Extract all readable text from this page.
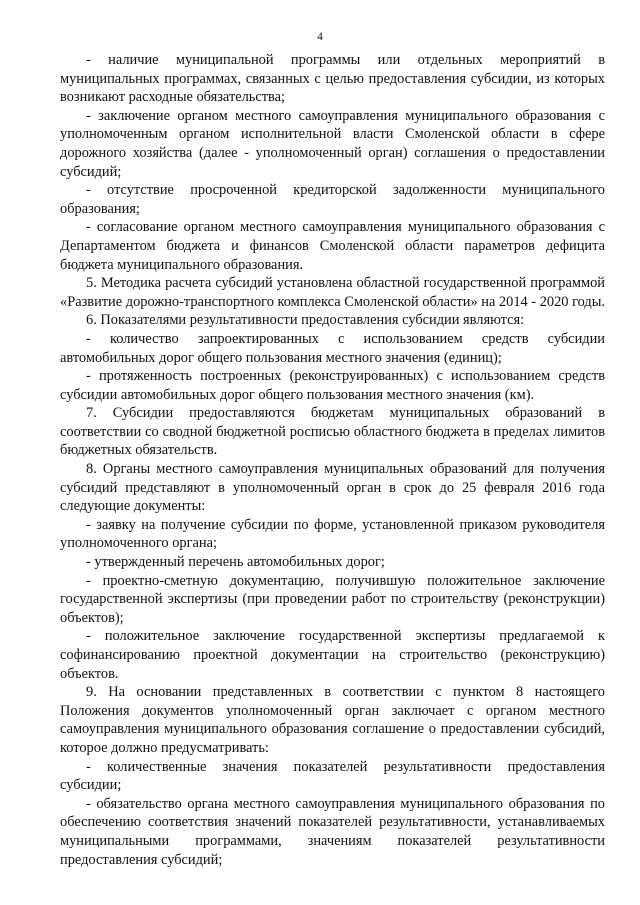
4

- наличие муниципальной программы или отдельных мероприятий в муниципальных программах, связанных с целью предоставления субсидии, из которых возникают расходные обязательства;

- заключение органом местного самоуправления муниципального образования с уполномоченным органом исполнительной власти Смоленской области в сфере дорожного хозяйства (далее - уполномоченный орган) соглашения о предоставлении субсидий;

- отсутствие просроченной кредиторской задолженности муниципального образования;

- согласование органом местного самоуправления муниципального образования с Департаментом бюджета и финансов Смоленской области параметров дефицита бюджета муниципального образования.

5. Методика расчета субсидий установлена областной государственной программой «Развитие дорожно-транспортного комплекса Смоленской области» на 2014 - 2020 годы.

6. Показателями результативности предоставления субсидии являются:

- количество запроектированных с использованием средств субсидии автомобильных дорог общего пользования местного значения (единиц);

- протяженность построенных (реконструированных) с использованием средств субсидии автомобильных дорог общего пользования местного значения (км).

7. Субсидии предоставляются бюджетам муниципальных образований в соответствии со сводной бюджетной росписью областного бюджета в пределах лимитов бюджетных обязательств.

8. Органы местного самоуправления муниципальных образований для получения субсидий представляют в уполномоченный орган в срок до 25 февраля 2016 года следующие документы:

- заявку на получение субсидии по форме, установленной приказом руководителя уполномоченного органа;

- утвержденный перечень автомобильных дорог;

- проектно-сметную документацию, получившую положительное заключение государственной экспертизы (при проведении работ по строительству (реконструкции) объектов);

- положительное заключение государственной экспертизы предлагаемой к софинансированию проектной документации на строительство (реконструкцию) объектов.

9. На основании представленных в соответствии с пунктом 8 настоящего Положения документов уполномоченный орган заключает с органом местного самоуправления муниципального образования соглашение о предоставлении субсидий, которое должно предусматривать:

- количественные значения показателей результативности предоставления субсидии;

- обязательство органа местного самоуправления муниципального образования по обеспечению соответствия значений показателей результативности, устанавливаемых муниципальными программами, значениям показателей результативности предоставления субсидий;
